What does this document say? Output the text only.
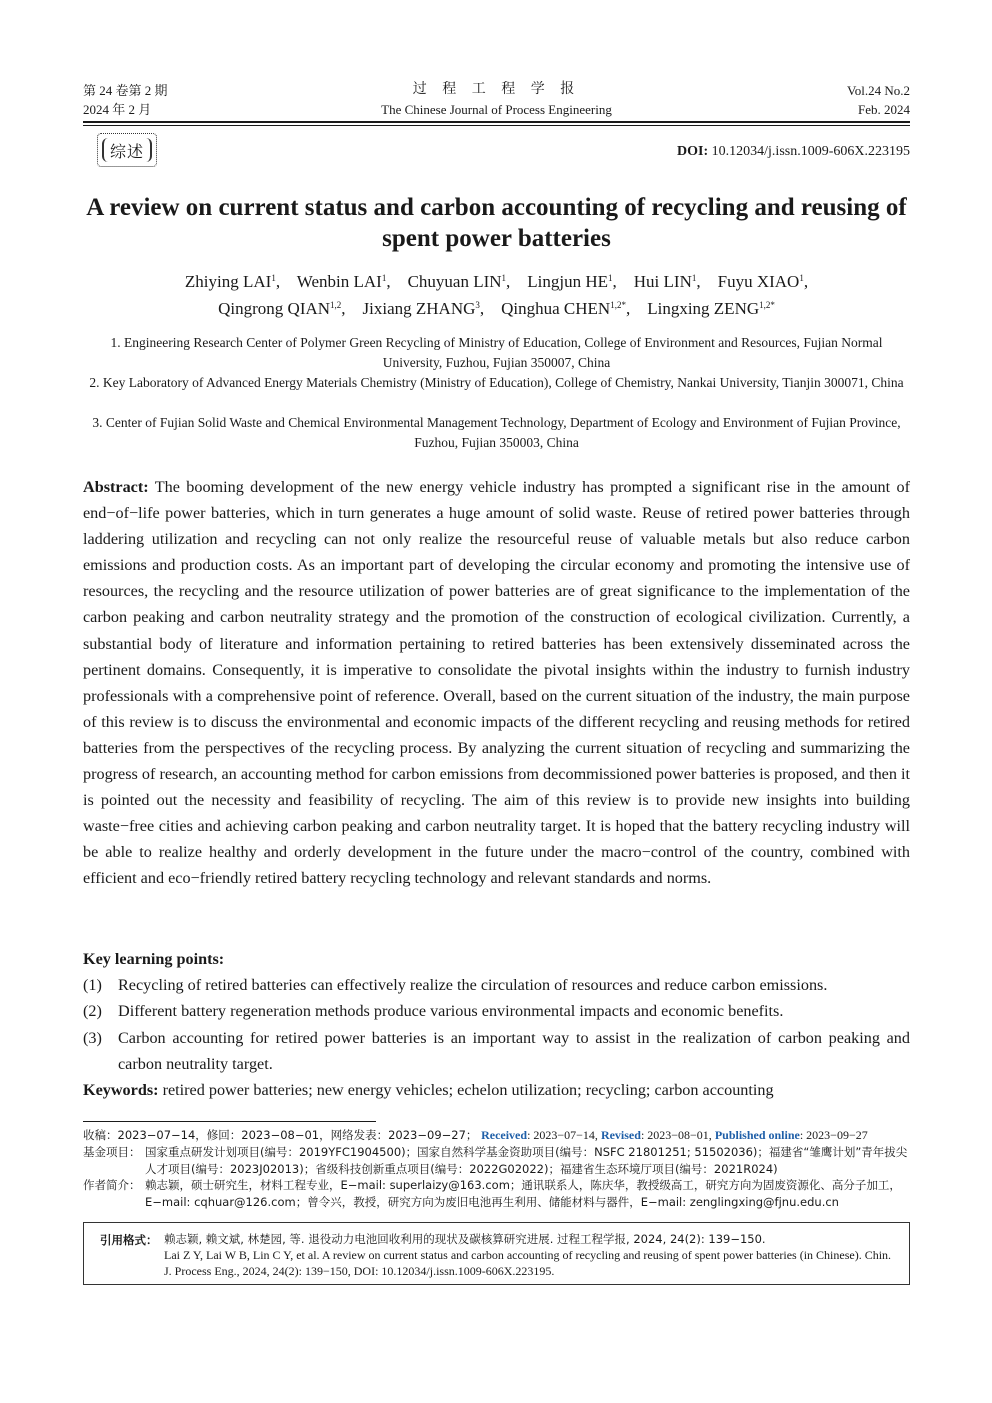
第 24 卷第 2 期
2024 年 2 月
过 程 工 程 学 报
The Chinese Journal of Process Engineering
Vol.24 No.2
Feb. 2024
综述	DOI: 10.12034/j.issn.1009-606X.223195
A review on current status and carbon accounting of recycling and reusing of spent power batteries
Zhiying LAI$^1$,    Wenbin LAI$^1$,    Chuyuan LIN$^1$,    Lingjun $HE^1$,    Hui LIN$^1$,    Fuyu XIAO$^1$,
Qingrong QIAN$^{1,2}$,    Jixiang ZHANG$^3$,    Qinghua $CHEN^{1,2*}$,    Lingxing $ZENG^{1,2*}$
1. Engineering Research Center of Polymer Green Recycling of Ministry of Education, College of Environment and Resources, Fujian Normal University, Fuzhou, Fujian 350007, China
2. Key Laboratory of Advanced Energy Materials Chemistry (Ministry of Education), College of Chemistry, Nankai University, Tianjin 300071, China
3. Center of Fujian Solid Waste and Chemical Environmental Management Technology, Department of Ecology and Environment of Fujian Province, Fuzhou, Fujian 350003, China
Abstract: The booming development of the new energy vehicle industry has prompted a significant rise in the amount of end−of−life power batteries, which in turn generates a huge amount of solid waste. Reuse of retired power batteries through laddering utilization and recycling can not only realize the resourceful reuse of valuable metals but also reduce carbon emissions and production costs. As an important part of developing the circular economy and promoting the intensive use of resources, the recycling and the resource utilization of power batteries are of great significance to the implementation of the carbon peaking and carbon neutrality strategy and the promotion of the construction of ecological civilization. Currently, a substantial body of literature and information pertaining to retired batteries has been extensively disseminated across the pertinent domains. Consequently, it is imperative to consolidate the pivotal insights within the industry to furnish industry professionals with a comprehensive point of reference. Overall, based on the current situation of the industry, the main purpose of this review is to discuss the environmental and economic impacts of the different recycling and reusing methods for retired batteries from the perspectives of the recycling process. By analyzing the current situation of recycling and summarizing the progress of research, an accounting method for carbon emissions from decommissioned power batteries is proposed, and then it is pointed out the necessity and feasibility of recycling. The aim of this review is to provide new insights into building waste−free cities and achieving carbon peaking and carbon neutrality target. It is hoped that the battery recycling industry will be able to realize healthy and orderly development in the future under the macro−control of the country, combined with efficient and eco−friendly retired battery recycling technology and relevant standards and norms.
Key learning points:
(1) Recycling of retired batteries can effectively realize the circulation of resources and reduce carbon emissions.
(2) Different battery regeneration methods produce various environmental impacts and economic benefits.
(3) Carbon accounting for retired power batteries is an important way to assist in the realization of carbon peaking and carbon neutrality target.
Keywords: retired power batteries; new energy vehicles; echelon utilization; recycling; carbon accounting
收稿：2023−07−14，修回：2023−08−01，网络发表：2023−09−27； Received: 2023−07−14, Revised: 2023−08−01, Published online: 2023−09−27
基金项目： 国家重点研发计划项目(编号：2019YFC1904500)；国家自然科学基金资助项目(编号：NSFC 21801251; 51502036)；福建省“雏鹰计划”青年拔尖人才项目(编号：2023J02013)；省级科技创新重点项目(编号：2022G02022)；福建省生态环境厅项目(编号：2021R024)
作者简介： 赖志颖，硕士研究生，材料工程专业，E−mail: superlaizy@163.com；通讯联系人，陈庆华，教授级高工，研究方向为固废资源化、高分子加工，E−mail: cqhuar@126.com；曾令兴，教授，研究方向为废旧电池再生利用、储能材料与器件，E−mail: zenglingxing@fjnu.edu.cn
引用格式： 赖志颖, 赖文斌, 林楚园, 等. 退役动力电池回收利用的现状及碳核算研究进展. 过程工程学报, 2024, 24(2): 139−150.
Lai Z Y, Lai W B, Lin C Y, et al. A review on current status and carbon accounting of recycling and reusing of spent power batteries (in Chinese). Chin. J. Process Eng., 2024, 24(2): 139−150, DOI: 10.12034/j.issn.1009-606X.223195.
